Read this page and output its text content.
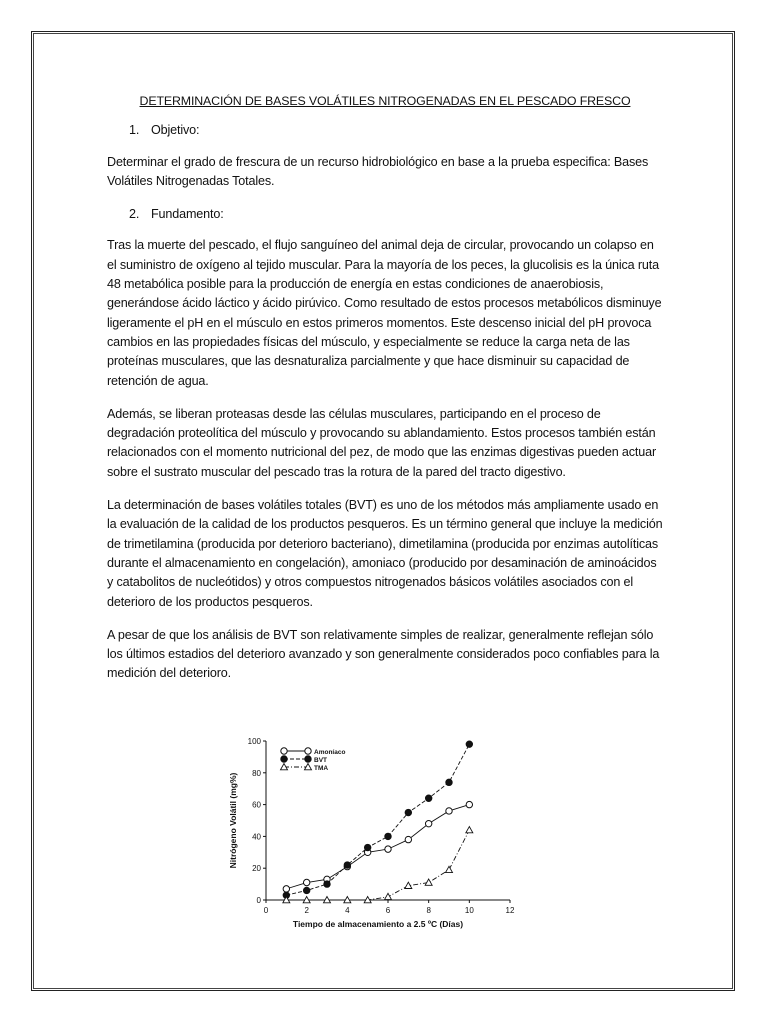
DETERMINACIÓN DE BASES VOLÁTILES NITROGENADAS EN EL PESCADO FRESCO
1. Objetivo:

Determinar el grado de frescura de un recurso hidrobiológico en base a la prueba especifica: Bases Volátiles Nitrogenadas Totales.

2. Fundamento:

Tras la muerte del pescado, el flujo sanguíneo del animal deja de circular, provocando un colapso en el suministro de oxígeno al tejido muscular. Para la mayoría de los peces, la glucolisis es la única ruta 48 metabólica posible para la producción de energía en estas condiciones de anaerobiosis, generándose ácido láctico y ácido pirúvico. Como resultado de estos procesos metabólicos disminuye ligeramente el pH en el músculo en estos primeros momentos. Este descenso inicial del pH provoca cambios en las propiedades físicas del músculo, y especialmente se reduce la carga neta de las proteínas musculares, que las desnaturaliza parcialmente y que hace disminuir su capacidad de retención de agua.

Además, se liberan proteasas desde las células musculares, participando en el proceso de degradación proteolítica del músculo y provocando su ablandamiento. Estos procesos también están relacionados con el momento nutricional del pez, de modo que las enzimas digestivas pueden actuar sobre el sustrato muscular del pescado tras la rotura de la pared del tracto digestivo.

La determinación de bases volátiles totales (BVT) es uno de los métodos más ampliamente usado en la evaluación de la calidad de los productos pesqueros. Es un término general que incluye la medición de trimetilamina (producida por deterioro bacteriano), dimetilamina (producida por enzimas autolíticas durante el almacenamiento en congelación), amoniaco (producido por desaminación de aminoácidos y catabolitos de nucleótidos) y otros compuestos nitrogenados básicos volátiles asociados con el deterioro de los productos pesqueros.

A pesar de que los análisis de BVT son relativamente simples de realizar, generalmente reflejan sólo los últimos estadios del deterioro avanzado y son generalmente considerados poco confiables para la medición del deterioro.

0	2	4	6	8	10	12
0
20
40
60
80
100
Tiempo de almacenamiento a 2.5 ºC (Días)
Nitrógeno Volátil (mg%)
Amoníaco
BVT
TMA
